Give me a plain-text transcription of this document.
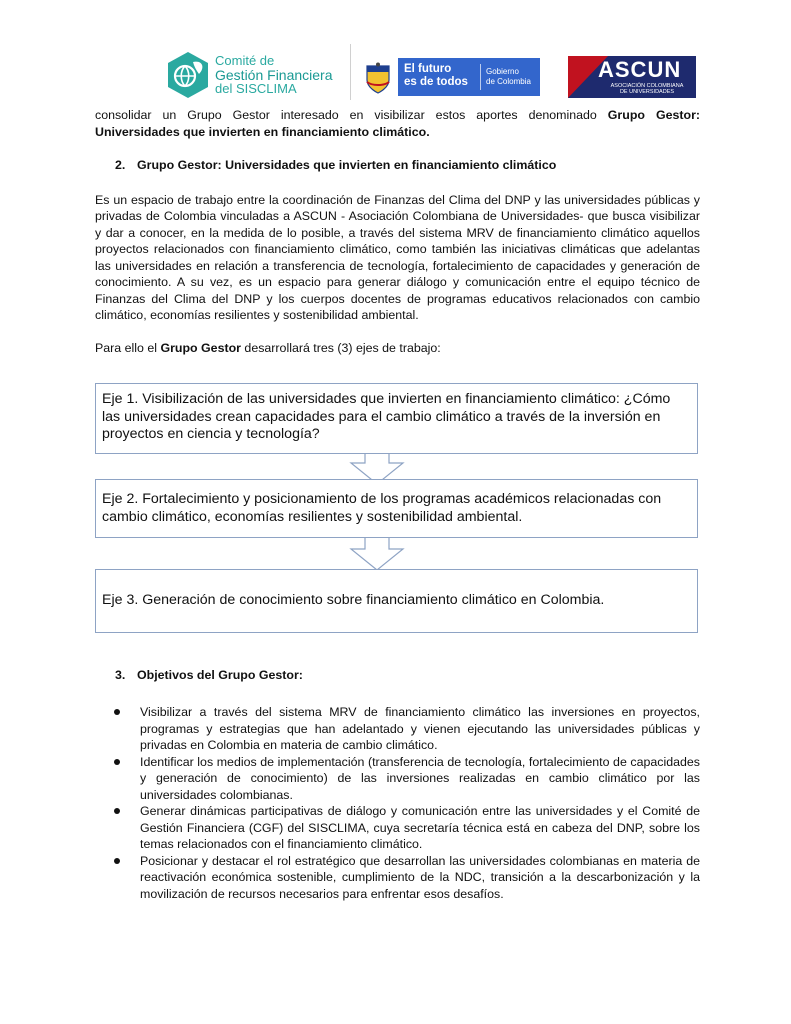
Comité de
Gestión Financiera
del SISCLIMA
El futuro
es de todos
Gobierno
de Colombia	ASCUN
ASOCIACIÓN COLOMBIANA
DE UNIVERSIDADES

consolidar un Grupo Gestor interesado en visibilizar estos aportes denominado Grupo Gestor: Universidades que invierten en financiamiento climático.

2. Grupo Gestor: Universidades que invierten en financiamiento climático

Es un espacio de trabajo entre la coordinación de Finanzas del Clima del DNP y las universidades públicas y privadas de Colombia vinculadas a ASCUN - Asociación Colombiana de Universidades- que busca visibilizar y dar a conocer, en la medida de lo posible, a través del sistema MRV de financiamiento climático aquellos proyectos relacionados con financiamiento climático, como también las iniciativas climáticas que adelantas las universidades en relación a transferencia de tecnología, fortalecimiento de capacidades y generación de conocimiento. A su vez, es un espacio para generar diálogo y comunicación entre el equipo técnico de Finanzas del Clima del DNP y los cuerpos docentes de programas educativos relacionados con cambio climático, economías resilientes y sostenibilidad ambiental.

Para ello el Grupo Gestor desarrollará tres (3) ejes de trabajo:

Eje 1. Visibilización de las universidades que invierten en financiamiento climático: ¿Cómo las universidades crean capacidades para el cambio climático a través de la inversión en proyectos en ciencia y tecnología?
Eje 2. Fortalecimiento y posicionamiento de los programas académicos relacionadas con cambio climático, economías resilientes y sostenibilidad ambiental.
Eje 3. Generación de conocimiento sobre financiamiento climático en Colombia.

3. Objetivos del Grupo Gestor:

Visibilizar a través del sistema MRV de financiamiento climático las inversiones en proyectos, programas y estrategias que han adelantado y vienen ejecutando las universidades públicas y privadas en Colombia en materia de cambio climático.
Identificar los medios de implementación (transferencia de tecnología, fortalecimiento de capacidades y generación de conocimiento) de las inversiones realizadas en cambio climático por las universidades colombianas.
Generar dinámicas participativas de diálogo y comunicación entre las universidades y el Comité de Gestión Financiera (CGF) del SISCLIMA, cuya secretaría técnica está en cabeza del DNP, sobre los temas relacionados con el financiamiento climático.
Posicionar y destacar el rol estratégico que desarrollan las universidades colombianas en materia de reactivación económica sostenible, cumplimiento de la NDC, transición a la descarbonización y la movilización de recursos necesarios para enfrentar esos desafíos.
